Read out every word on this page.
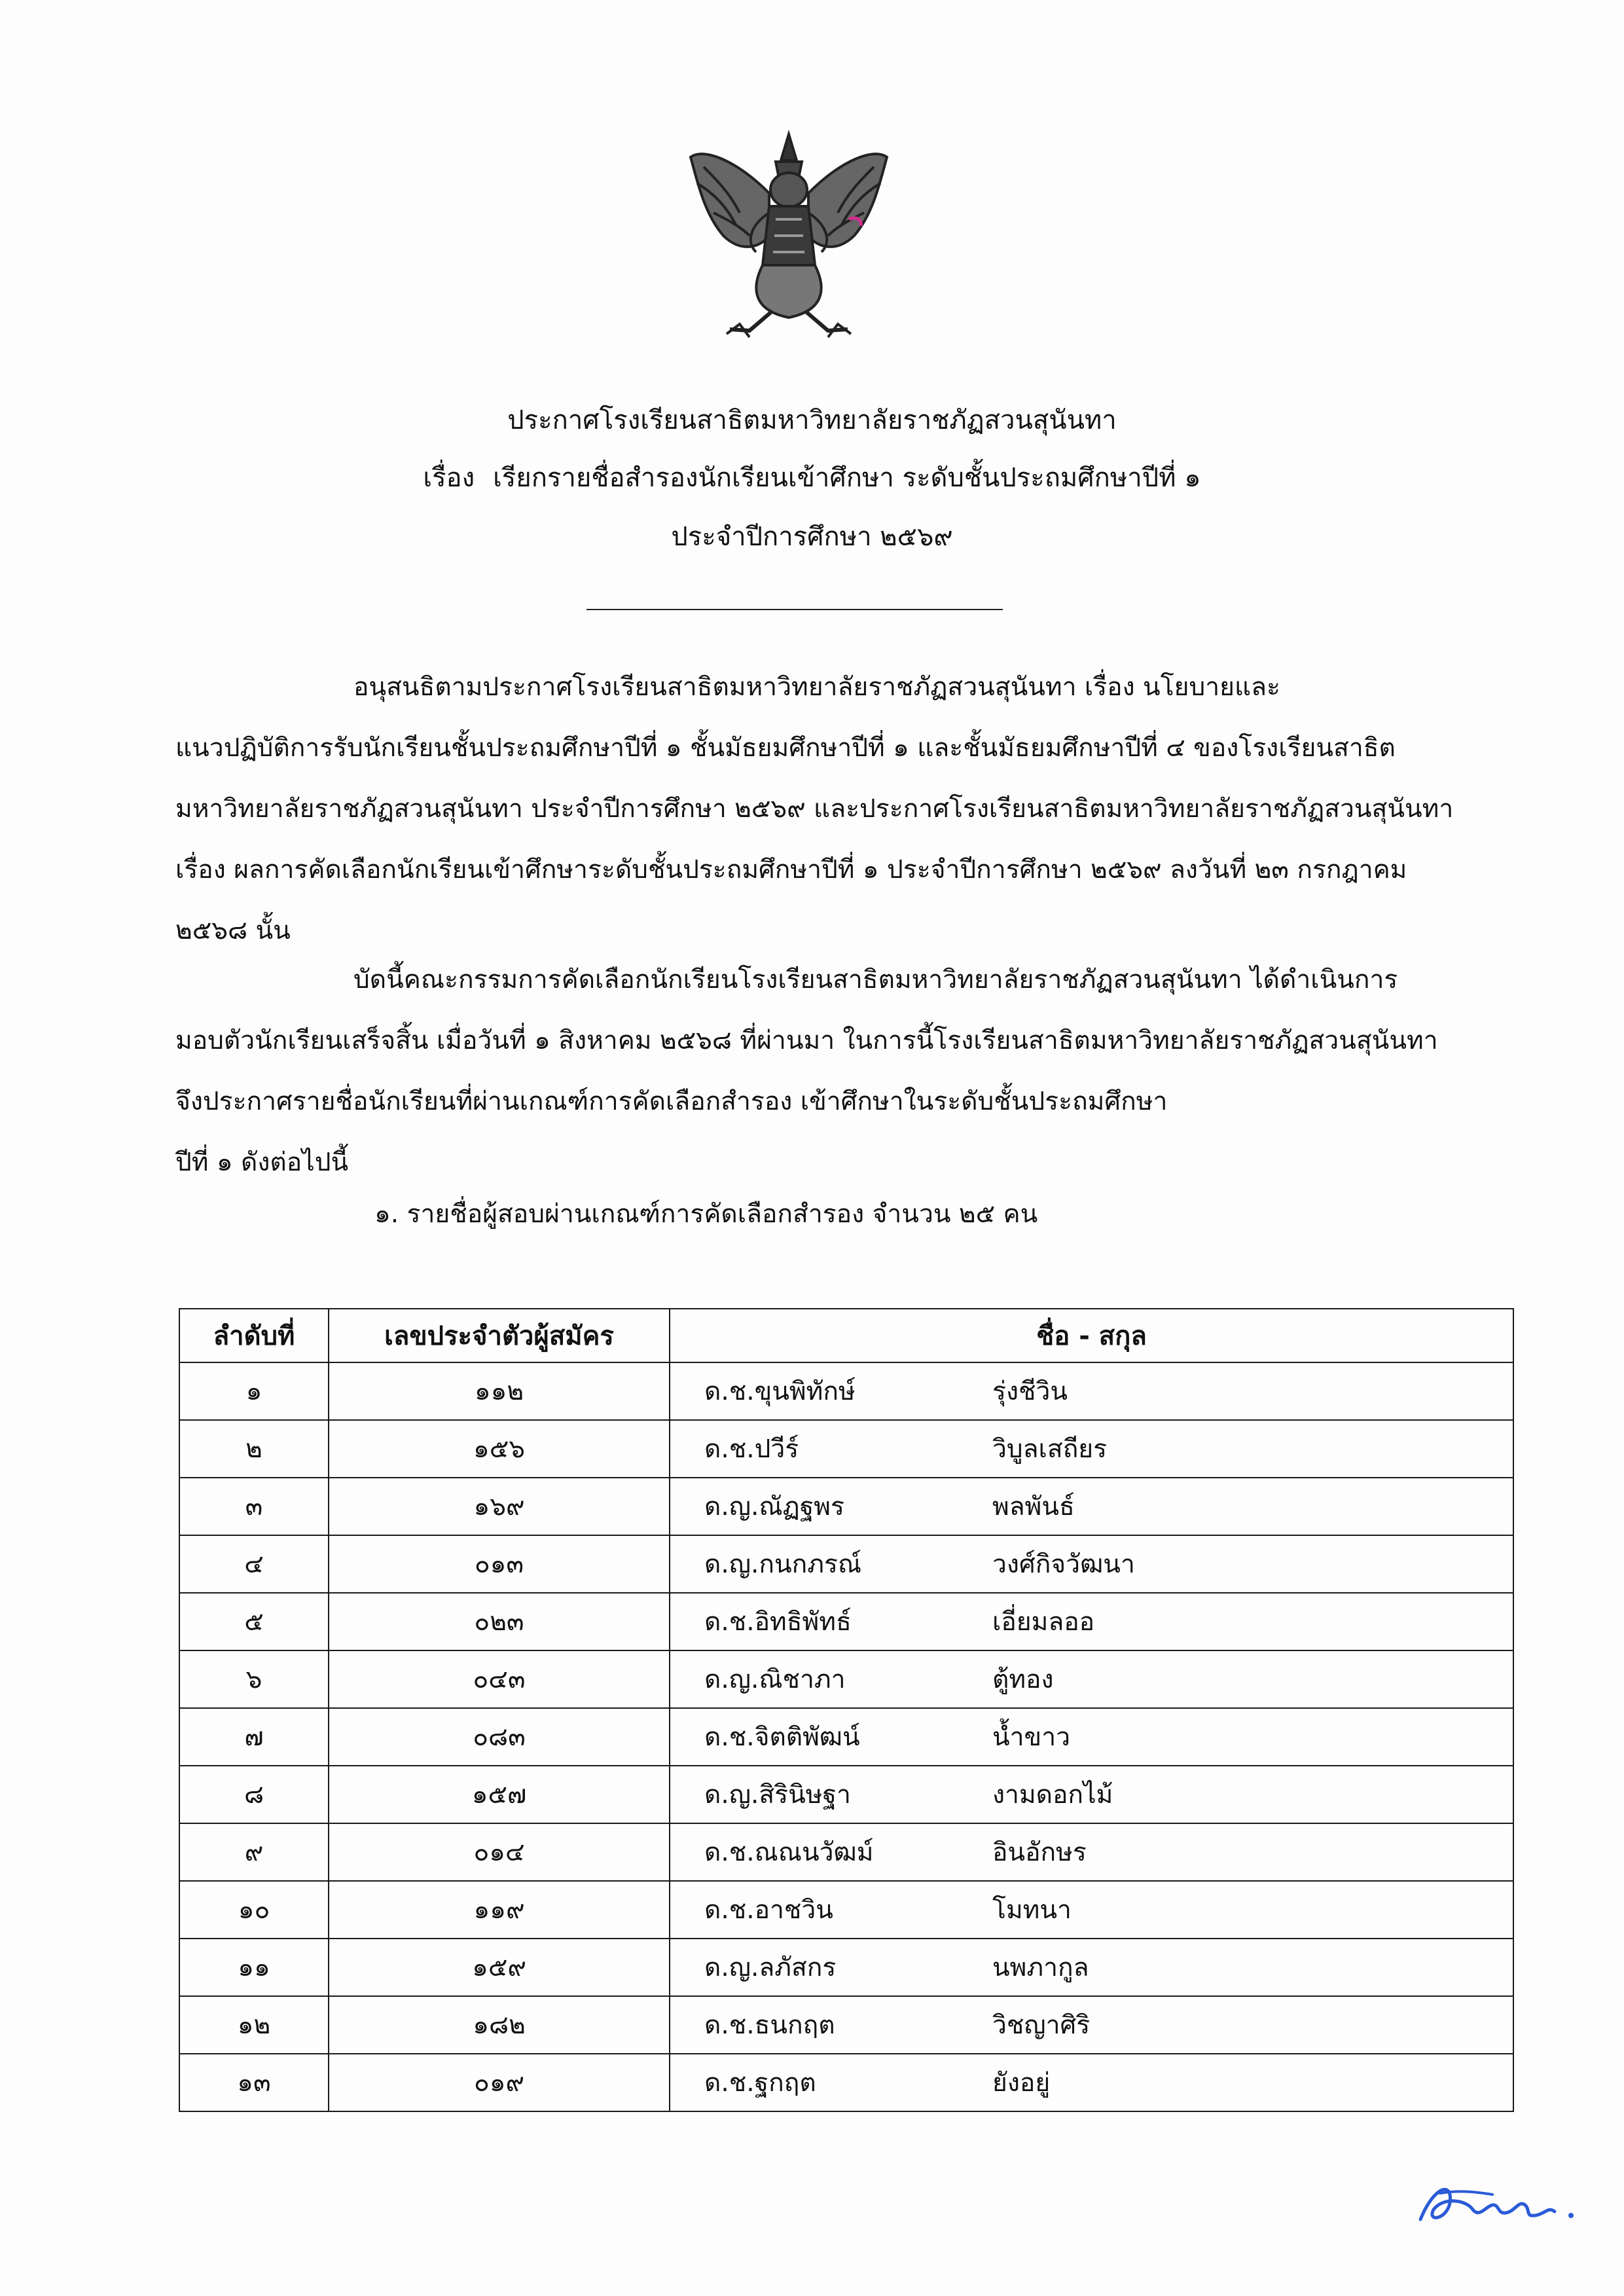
ประกาศโรงเรียนสาธิตมหาวิทยาลัยราชภัฏสวนสุนันทา
เรื่อง เรียกรายชื่อสำรองนักเรียนเข้าศึกษา ระดับชั้นประถมศึกษาปีที่ ๑
ประจำปีการศึกษา ๒๕๖๙
อนุสนธิตามประกาศโรงเรียนสาธิตมหาวิทยาลัยราชภัฏสวนสุนันทา เรื่อง นโยบายและ
แนวปฏิบัติการรับนักเรียนชั้นประถมศึกษาปีที่ ๑ ชั้นมัธยมศึกษาปีที่ ๑ และชั้นมัธยมศึกษาปีที่ ๔ ของโรงเรียนสาธิต
มหาวิทยาลัยราชภัฏสวนสุนันทา ประจำปีการศึกษา ๒๕๖๙ และประกาศโรงเรียนสาธิตมหาวิทยาลัยราชภัฏสวนสุนันทา
เรื่อง ผลการคัดเลือกนักเรียนเข้าศึกษาระดับชั้นประถมศึกษาปีที่ ๑ ประจำปีการศึกษา ๒๕๖๙ ลงวันที่ ๒๓ กรกฎาคม
๒๕๖๘ นั้น
บัดนี้คณะกรรมการคัดเลือกนักเรียนโรงเรียนสาธิตมหาวิทยาลัยราชภัฏสวนสุนันทา ได้ดำเนินการ
มอบตัวนักเรียนเสร็จสิ้น เมื่อวันที่ ๑ สิงหาคม ๒๕๖๘ ที่ผ่านมา ในการนี้โรงเรียนสาธิตมหาวิทยาลัยราชภัฏสวนสุนันทา
จึงประกาศรายชื่อนักเรียนที่ผ่านเกณฑ์การคัดเลือกสำรอง เข้าศึกษาในระดับชั้นประถมศึกษา
ปีที่ ๑ ดังต่อไปนี้
๑. รายชื่อผู้สอบผ่านเกณฑ์การคัดเลือกสำรอง จำนวน ๒๕ คน
ลำดับที่	เลขประจำตัวผู้สมัคร	ชื่อ - สกุล
๑	๑๑๒	ด.ช.ขุนพิทักษ์ รุ่งชีวิน
๒	๑๕๖	ด.ช.ปวีร์ วิบูลเสถียร
๓	๑๖๙	ด.ญ.ณัฏฐพร พลพันธ์
๔	๐๑๓	ด.ญ.กนกภรณ์ วงศ์กิจวัฒนา
๕	๐๒๓	ด.ช.อิทธิพัทธ์ เอี่ยมลออ
๖	๐๔๓	ด.ญ.ณิชาภา ตู้ทอง
๗	๐๘๓	ด.ช.จิตติพัฒน์ น้ำขาว
๘	๑๕๗	ด.ญ.สิรินิษฐา งามดอกไม้
๙	๐๑๔	ด.ช.ณณนวัฒม์ อินอักษร
๑๐	๑๑๙	ด.ช.อาชวิน โมทนา
๑๑	๑๕๙	ด.ญ.ลภัสกร นพภากูล
๑๒	๑๘๒	ด.ช.ธนกฤต วิชญาศิริ
๑๓	๐๑๙	ด.ช.ฐกฤต ยังอยู่
